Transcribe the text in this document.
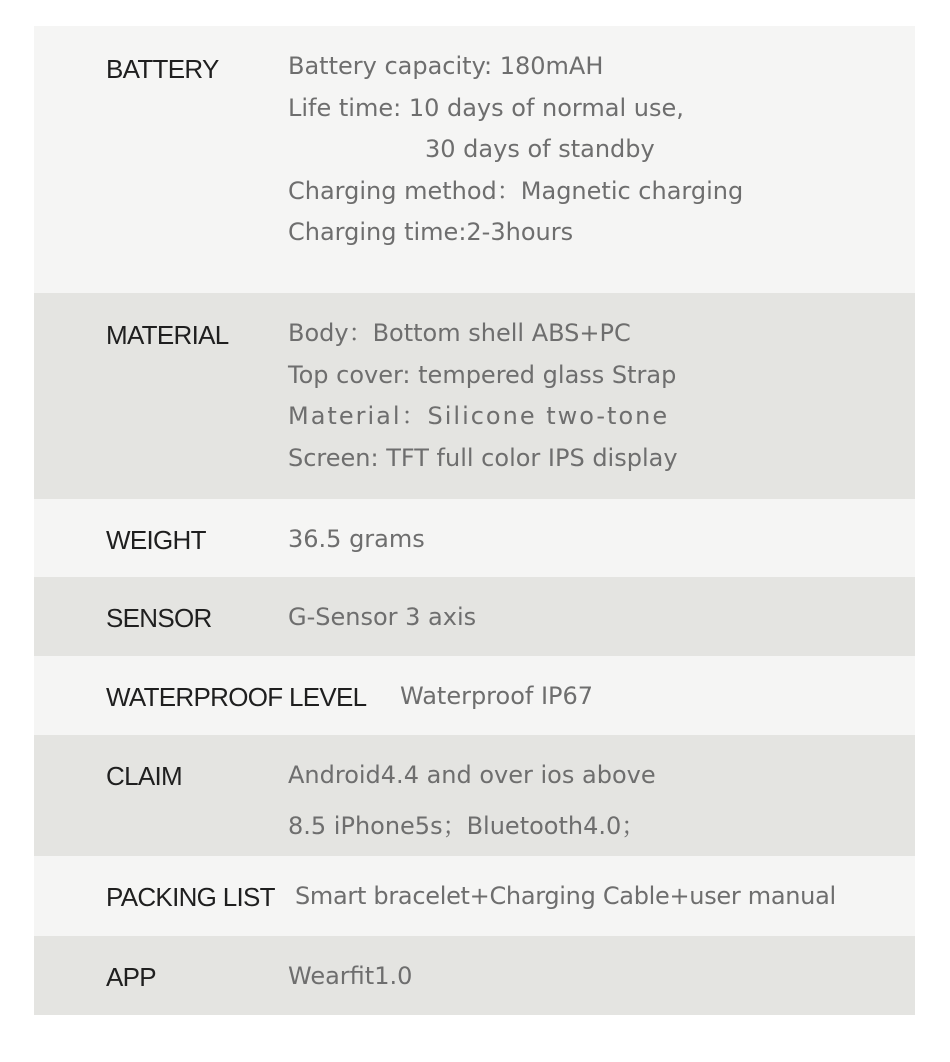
BATTERY	Battery capacity: 180mAH
Life time: 10 days of normal use,
30 days of standby
Charging method：Magnetic charging
Charging time:2-3hours
MATERIAL Body：Bottom shell ABS+PC
Top cover: tempered glass Strap
Material：Silicone two-tone
Screen: TFT full color IPS display
WEIGHT	36.5 grams
SENSOR	G-Sensor 3 axis
WATERPROOF LEVEL Waterproof IP67
CLAIM	Android4.4 and over ios above
8.5 iPhone5s；Bluetooth4.0；
PACKING LIST Smart bracelet+Charging Cable+user manual
APP	Wearfit1.0
